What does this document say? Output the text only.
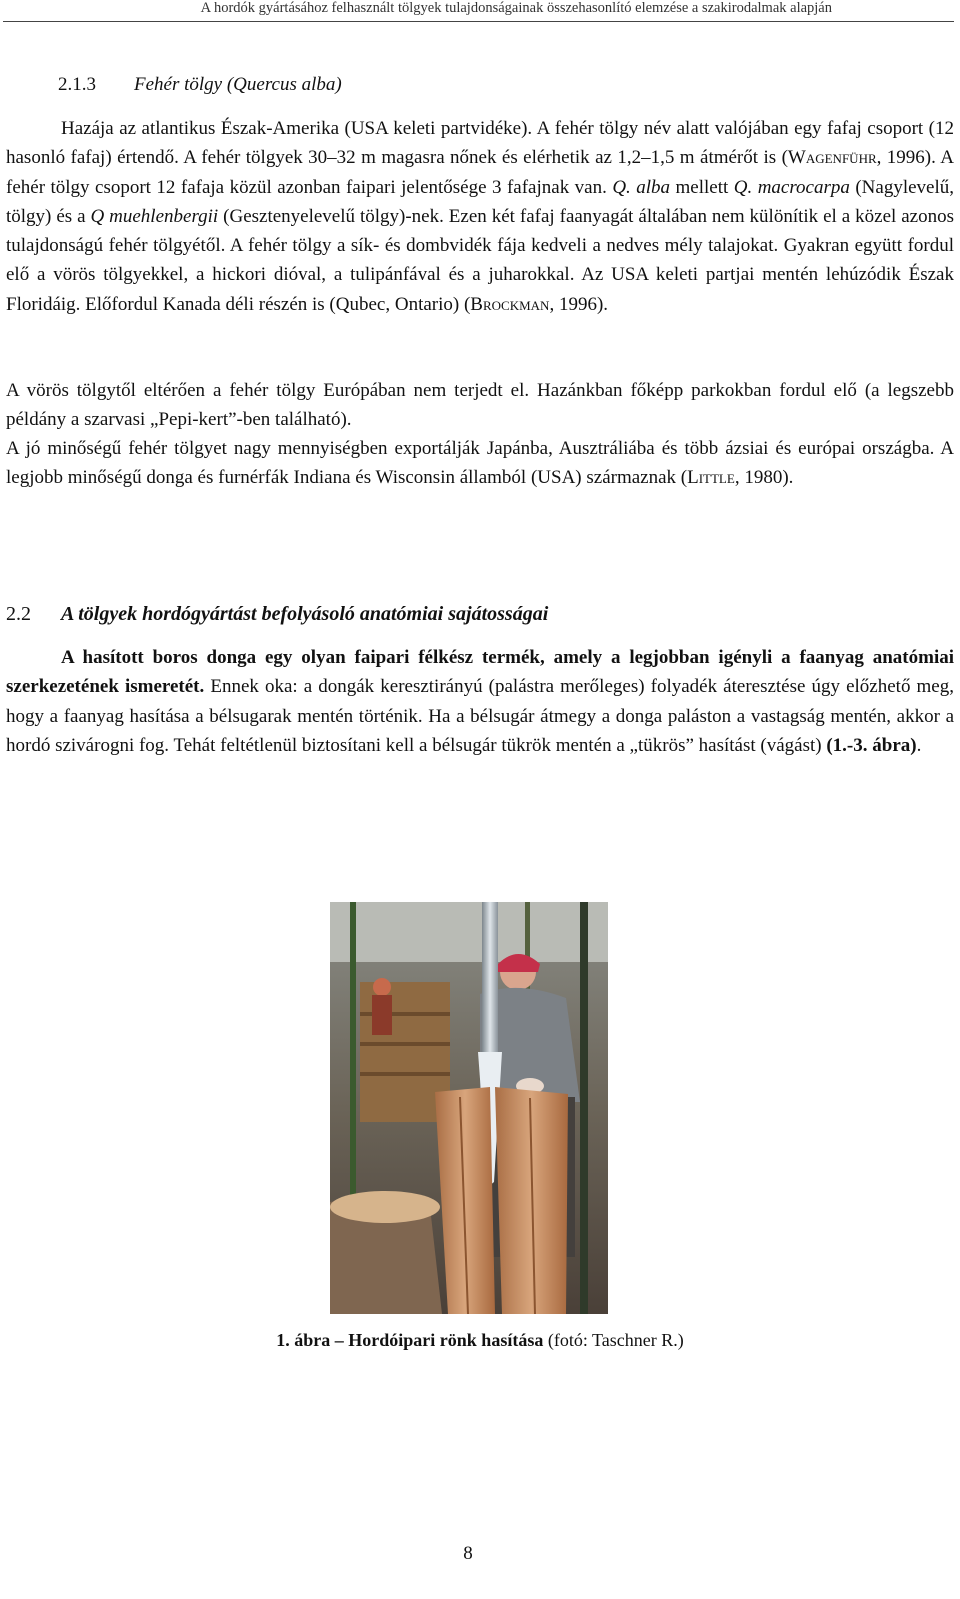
A hordók gyártásához felhasznált tölgyek tulajdonságainak összehasonlító elemzése a szakirodalmak alapján
2.1.3 Fehér tölgy (Quercus alba)
Hazája az atlantikus Észak-Amerika (USA keleti partvidéke). A fehér tölgy név alatt valójában egy fafaj csoport (12 hasonló fafaj) értendő. A fehér tölgyek 30–32 m magasra nőnek és elérhetik az 1,2–1,5 m átmérőt is (Wagenführ, 1996). A fehér tölgy csoport 12 fafaja közül azonban faipari jelentősége 3 fafajnak van. Q. alba mellett Q. macrocarpa (Nagylevelű, tölgy) és a Q muehlenbergii (Gesztenyelevelű tölgy)-nek. Ezen két fafaj faanyagát általában nem különítik el a közel azonos tulajdonságú fehér tölgyétől. A fehér tölgy a sík- és dombvidék fája kedveli a nedves mély talajokat. Gyakran együtt fordul elő a vörös tölgyekkel, a hickori dióval, a tulipánfával és a juharokkal. Az USA keleti partjai mentén lehúzódik Észak Floridáig. Előfordul Kanada déli részén is (Qubec, Ontario) (Brockman, 1996).
A vörös tölgytől eltérően a fehér tölgy Európában nem terjedt el. Hazánkban főképp parkokban fordul elő (a legszebb példány a szarvasi „Pepi-kert”-ben található).
A jó minőségű fehér tölgyet nagy mennyiségben exportálják Japánba, Ausztráliába és több ázsiai és európai országba. A legjobb minőségű donga és furnérfák Indiana és Wisconsin államból (USA) származnak (Little, 1980).
2.2 A tölgyek hordógyártást befolyásoló anatómiai sajátosságai
A hasított boros donga egy olyan faipari félkész termék, amely a legjobban igényli a faanyag anatómiai szerkezetének ismeretét. Ennek oka: a dongák keresztirányú (palástra merőleges) folyadék áteresztése úgy előzhető meg, hogy a faanyag hasítása a bélsugarak mentén történik. Ha a bélsugár átmegy a donga paláston a vastagság mentén, akkor a hordó szivárogni fog. Tehát feltétlenül biztosítani kell a bélsugár tükrök mentén a „tükrös” hasítást (vágást) (1.-3. ábra).
1. ábra – Hordóipari rönk hasítása (fotó: Taschner R.)
8
